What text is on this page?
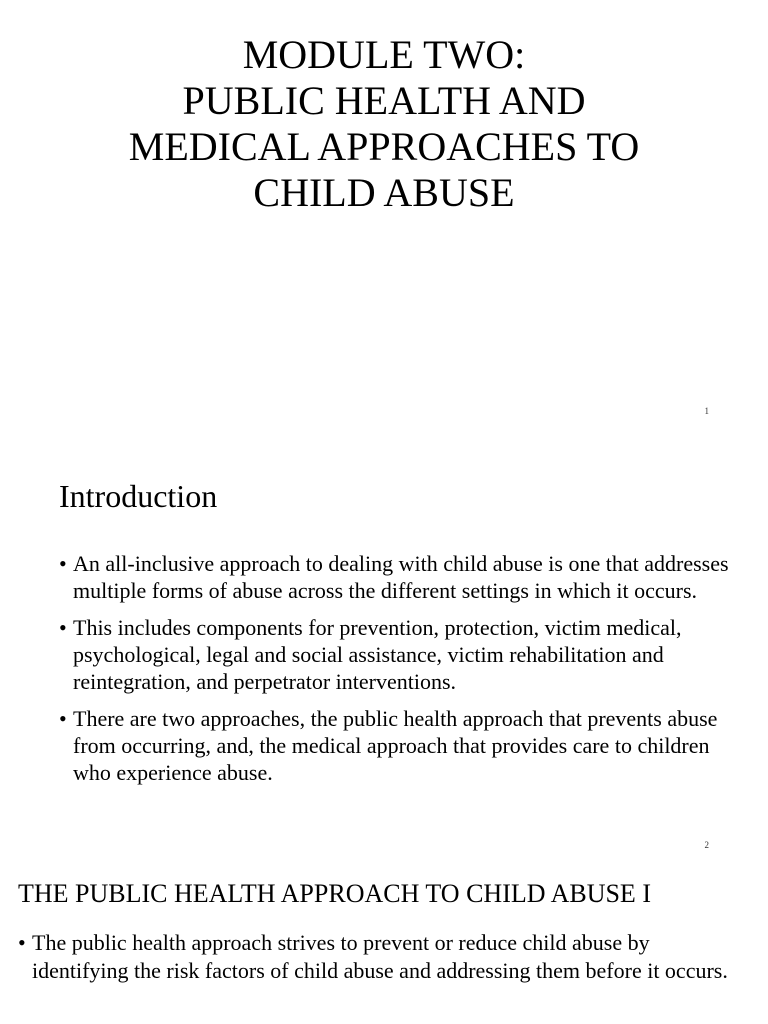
MODULE TWO:
PUBLIC HEALTH AND
MEDICAL APPROACHES TO
CHILD ABUSE
1
Introduction
• An all-inclusive approach to dealing with child abuse is one that addresses multiple forms of abuse across the different settings in which it occurs.
• This includes components for prevention, protection, victim medical, psychological, legal and social assistance, victim rehabilitation and reintegration, and perpetrator interventions.
• There are two approaches, the public health approach that prevents abuse from occurring, and, the medical approach that provides care to children who experience abuse.
2
THE PUBLIC HEALTH APPROACH TO CHILD ABUSE I
• The public health approach strives to prevent or reduce child abuse by identifying the risk factors of child abuse and addressing them before it occurs.
